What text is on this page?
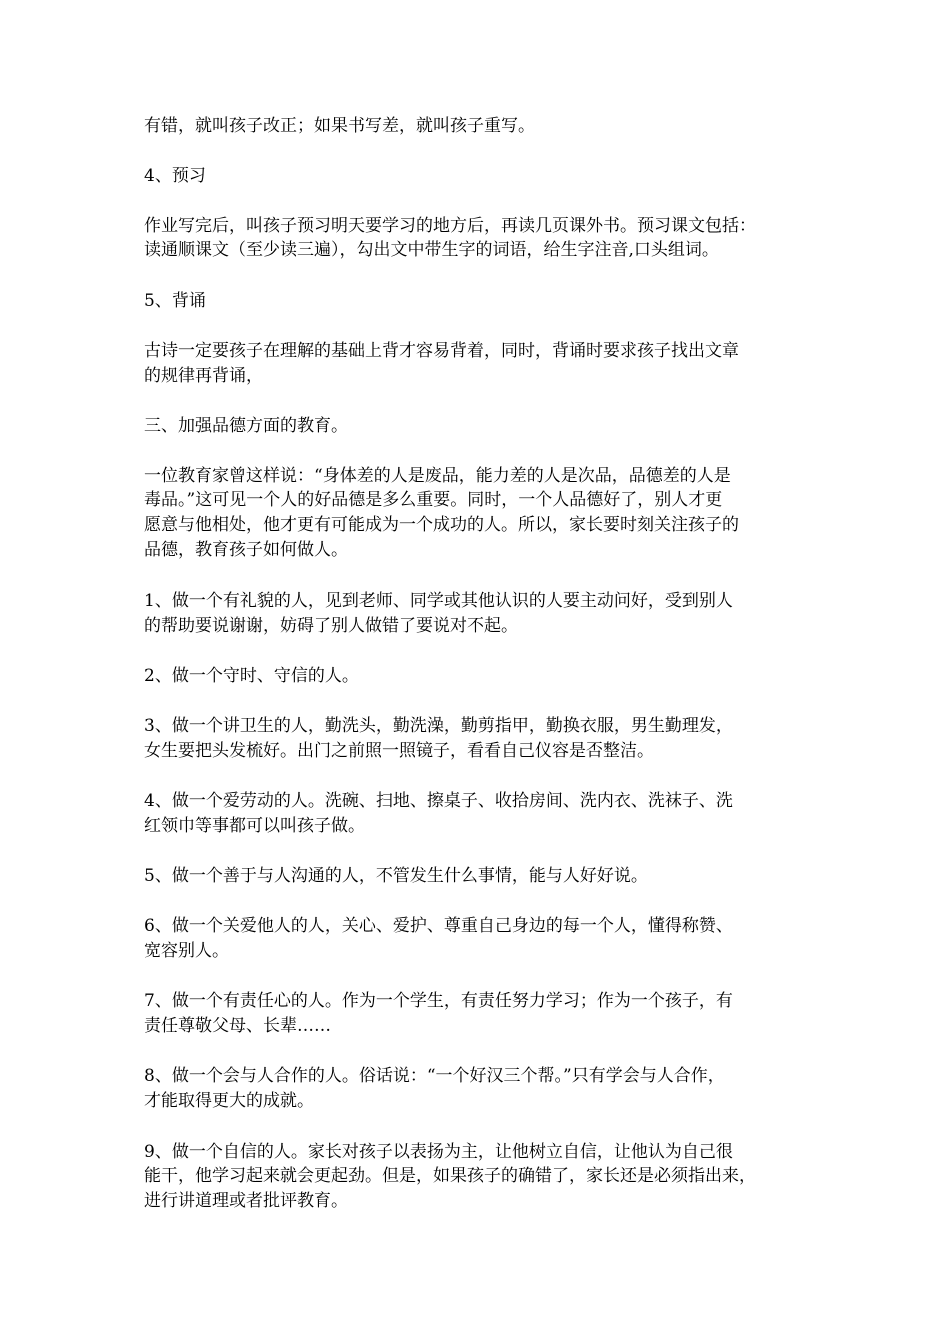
有错，就叫孩子改正；如果书写差，就叫孩子重写。

4、预习

作业写完后，叫孩子预习明天要学习的地方后，再读几页课外书。预习课文包括：

读通顺课文（至少读三遍），勾出文中带生字的词语，给生字注音,口头组词。

5、背诵

古诗一定要孩子在理解的基础上背才容易背着，同时，背诵时要求孩子找出文章

的规律再背诵，

三、加强品德方面的教育。

一位教育家曾这样说：“身体差的人是废品，能力差的人是次品，品德差的人是

毒品。”这可见一个人的好品德是多么重要。同时，一个人品德好了，别人才更

愿意与他相处，他才更有可能成为一个成功的人。所以，家长要时刻关注孩子的

品德，教育孩子如何做人。

1、做一个有礼貌的人，见到老师、同学或其他认识的人要主动问好，受到别人

的帮助要说谢谢，妨碍了别人做错了要说对不起。

2、做一个守时、守信的人。

3、做一个讲卫生的人，勤洗头，勤洗澡，勤剪指甲，勤换衣服，男生勤理发，

女生要把头发梳好。出门之前照一照镜子，看看自己仪容是否整洁。

4、做一个爱劳动的人。洗碗、扫地、擦桌子、收拾房间、洗内衣、洗袜子、洗

红领巾等事都可以叫孩子做。

5、做一个善于与人沟通的人，不管发生什么事情，能与人好好说。

6、做一个关爱他人的人，关心、爱护、尊重自己身边的每一个人，懂得称赞、

宽容别人。

7、做一个有责任心的人。作为一个学生，有责任努力学习；作为一个孩子，有

责任尊敬父母、长辈……

8、做一个会与人合作的人。俗话说：“一个好汉三个帮。”只有学会与人合作，

才能取得更大的成就。

9、做一个自信的人。家长对孩子以表扬为主，让他树立自信，让他认为自己很

能干，他学习起来就会更起劲。但是，如果孩子的确错了，家长还是必须指出来，

进行讲道理或者批评教育。
